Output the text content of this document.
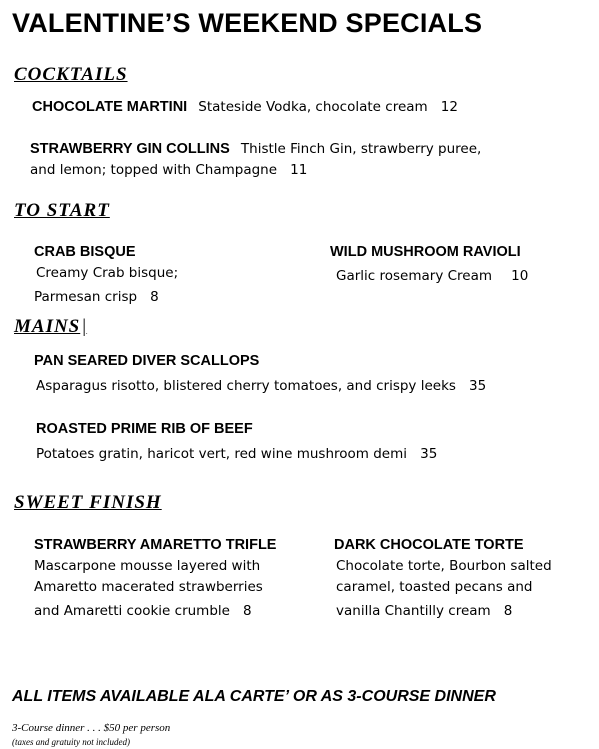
VALENTINE’S WEEKEND SPECIALS
COCKTAILS
CHOCOLATE MARTINI Stateside Vodka, chocolate cream 12
STRAWBERRY GIN COLLINS Thistle Finch Gin, strawberry puree,
and lemon; topped with Champagne 11
TO START
CRAB BISQUE
Creamy Crab bisque;
Parmesan crisp 8
WILD MUSHROOM RAVIOLI
Garlic rosemary Cream 10
MAINS |
PAN SEARED DIVER SCALLOPS
Asparagus risotto, blistered cherry tomatoes, and crispy leeks 35
ROASTED PRIME RIB OF BEEF
Potatoes gratin, haricot vert, red wine mushroom demi 35
SWEET FINISH
STRAWBERRY AMARETTO TRIFLE
Mascarpone mousse layered with
Amaretto macerated strawberries
and Amaretti cookie crumble 8
DARK CHOCOLATE TORTE
Chocolate torte, Bourbon salted
caramel, toasted pecans and
vanilla Chantilly cream 8
ALL ITEMS AVAILABLE ALA CARTE’ OR AS 3-COURSE DINNER
3-Course dinner . . . $50 per person
(taxes and gratuity not included)
